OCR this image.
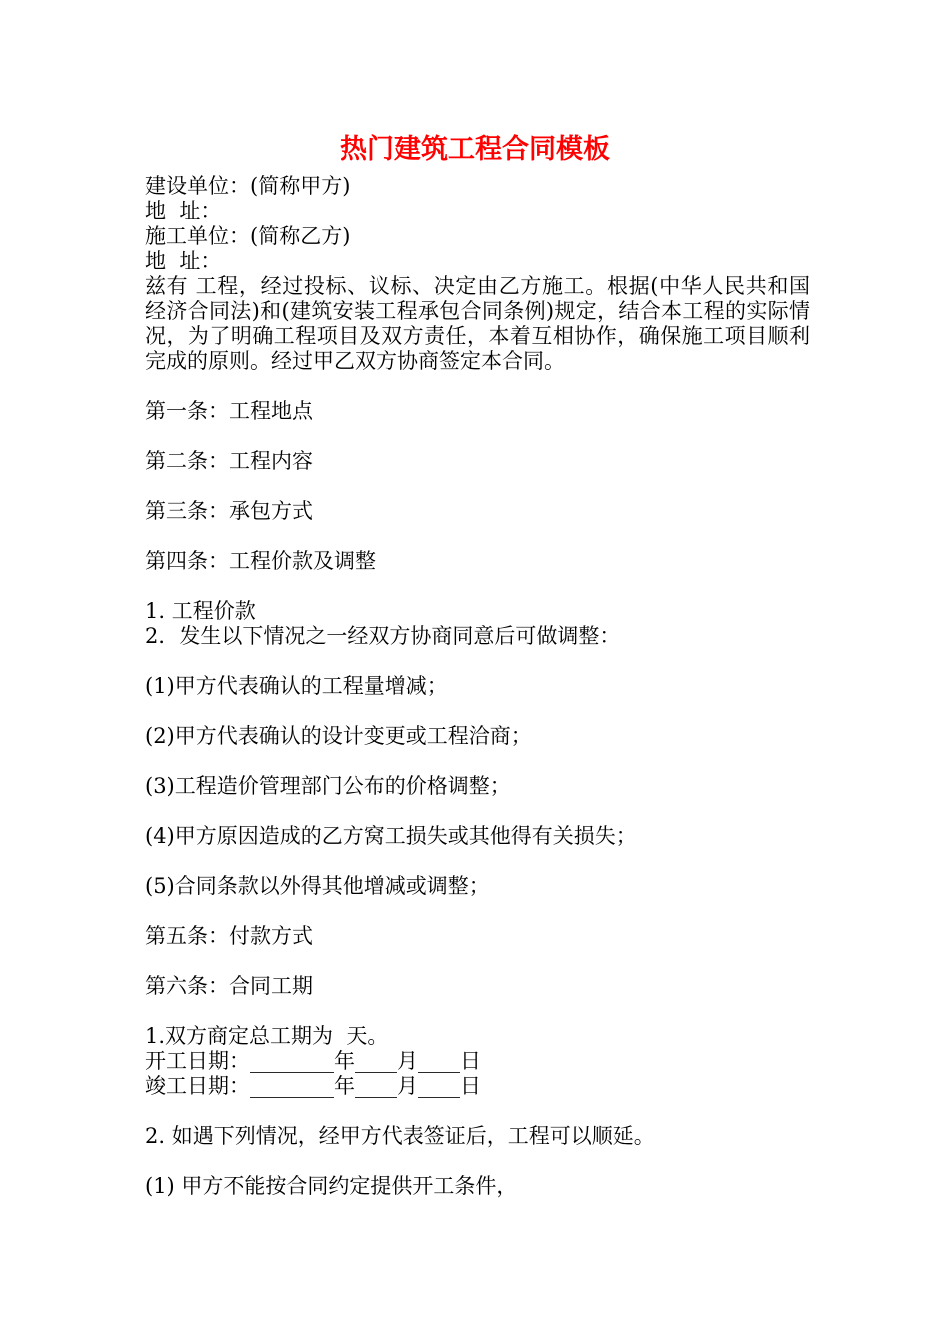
热门建筑工程合同模板
建设单位：(简称甲方)
地  址：
施工单位：(简称乙方)
地  址：
兹有 工程，经过投标、议标、决定由乙方施工。根据(中华人民共和国经济合同法)和(建筑安装工程承包合同条例)规定，结合本工程的实际情况，为了明确工程项目及双方责任，本着互相协作，确保施工项目顺利完成的原则。经过甲乙双方协商签定本合同。
第一条：工程地点
第二条：工程内容
第三条：承包方式
第四条：工程价款及调整
1. 工程价款
2．发生以下情况之一经双方协商同意后可做调整：
(1)甲方代表确认的工程量增减；
(2)甲方代表确认的设计变更或工程洽商；
(3)工程造价管理部门公布的价格调整；
(4)甲方原因造成的乙方窝工损失或其他得有关损失；
(5)合同条款以外得其他增减或调整；
第五条：付款方式
第六条：合同工期
1.双方商定总工期为  天。
开工日期：________年____月____日
竣工日期：________年____月____日
2. 如遇下列情况，经甲方代表签证后，工程可以顺延。
(1) 甲方不能按合同约定提供开工条件，
